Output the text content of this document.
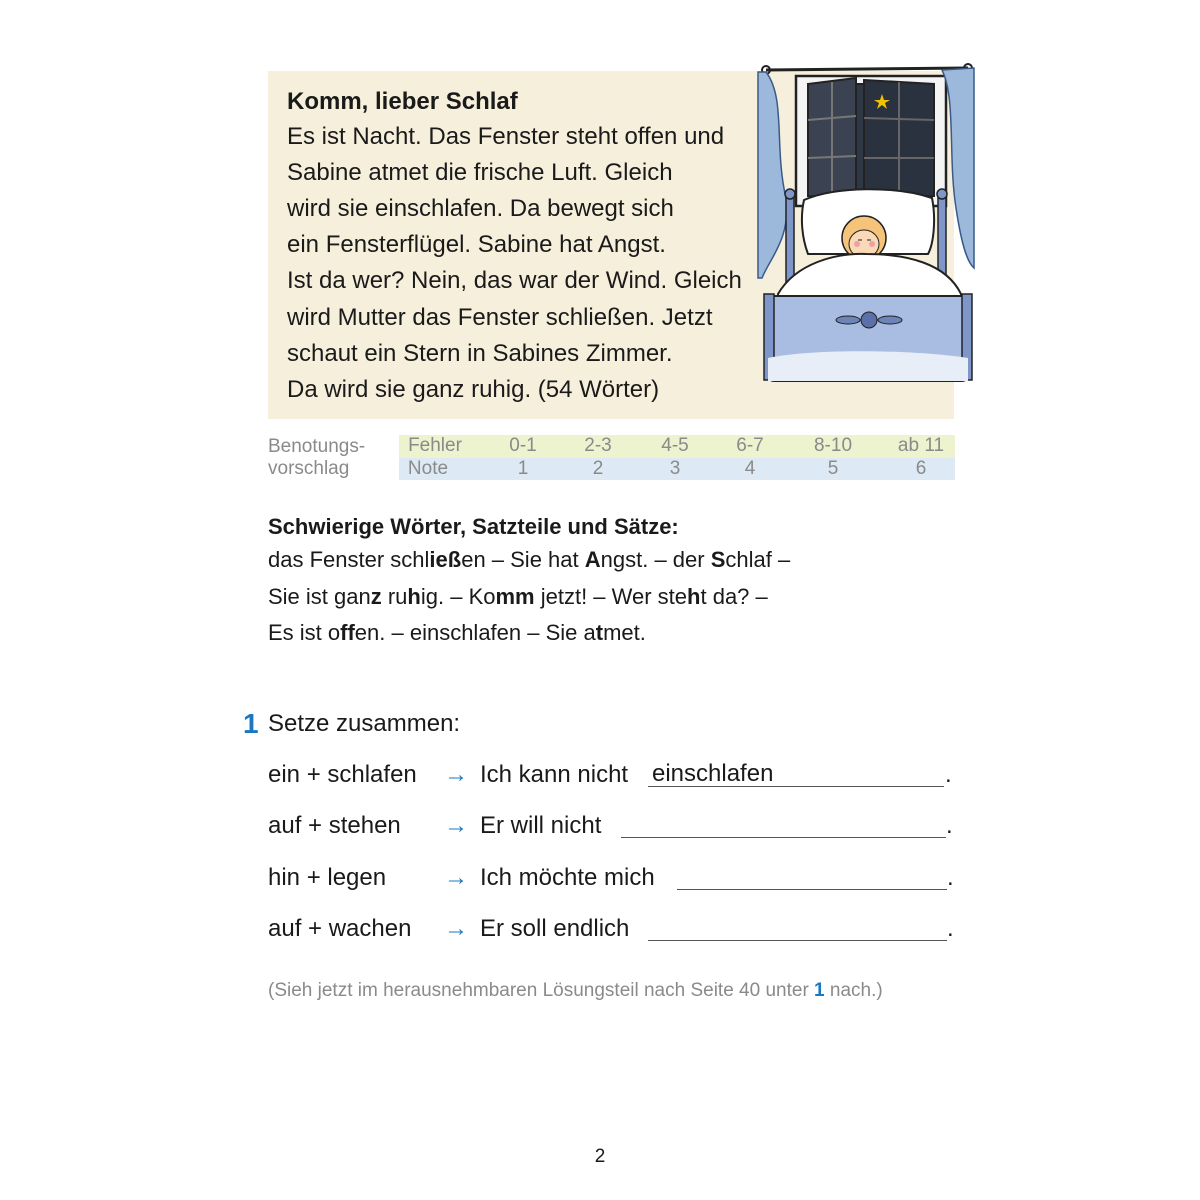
Komm, lieber Schlaf
Es ist Nacht. Das Fenster steht offen und
Sabine atmet die frische Luft. Gleich
wird sie einschlafen. Da bewegt sich
ein Fensterflügel. Sabine hat Angst.
Ist da wer? Nein, das war der Wind. Gleich
wird Mutter das Fenster schließen. Jetzt
schaut ein Stern in Sabines Zimmer.
Da wird sie ganz ruhig. (54 Wörter)
Benotungs-
vorschlag
Fehler	0-1	2-3	4-5	6-7	8-10	ab 11
Note	1	2	3	4	5	6
Schwierige Wörter, Satzteile und Sätze:
das Fenster schließen – Sie hat Angst. – der Schlaf –
Sie ist ganz ruhig. – Komm jetzt! – Wer steht da? –
Es ist offen. – einschlafen – Sie atmet.
1 Setze zusammen:
ein + schlafen → Ich kann nicht einschlafen	.
auf + stehen → Er will nicht	.
hin + legen → Ich möchte mich	.
auf + wachen → Er soll endlich	.
(Sieh jetzt im herausnehmbaren Lösungsteil nach Seite 40 unter 1 nach.)
2
